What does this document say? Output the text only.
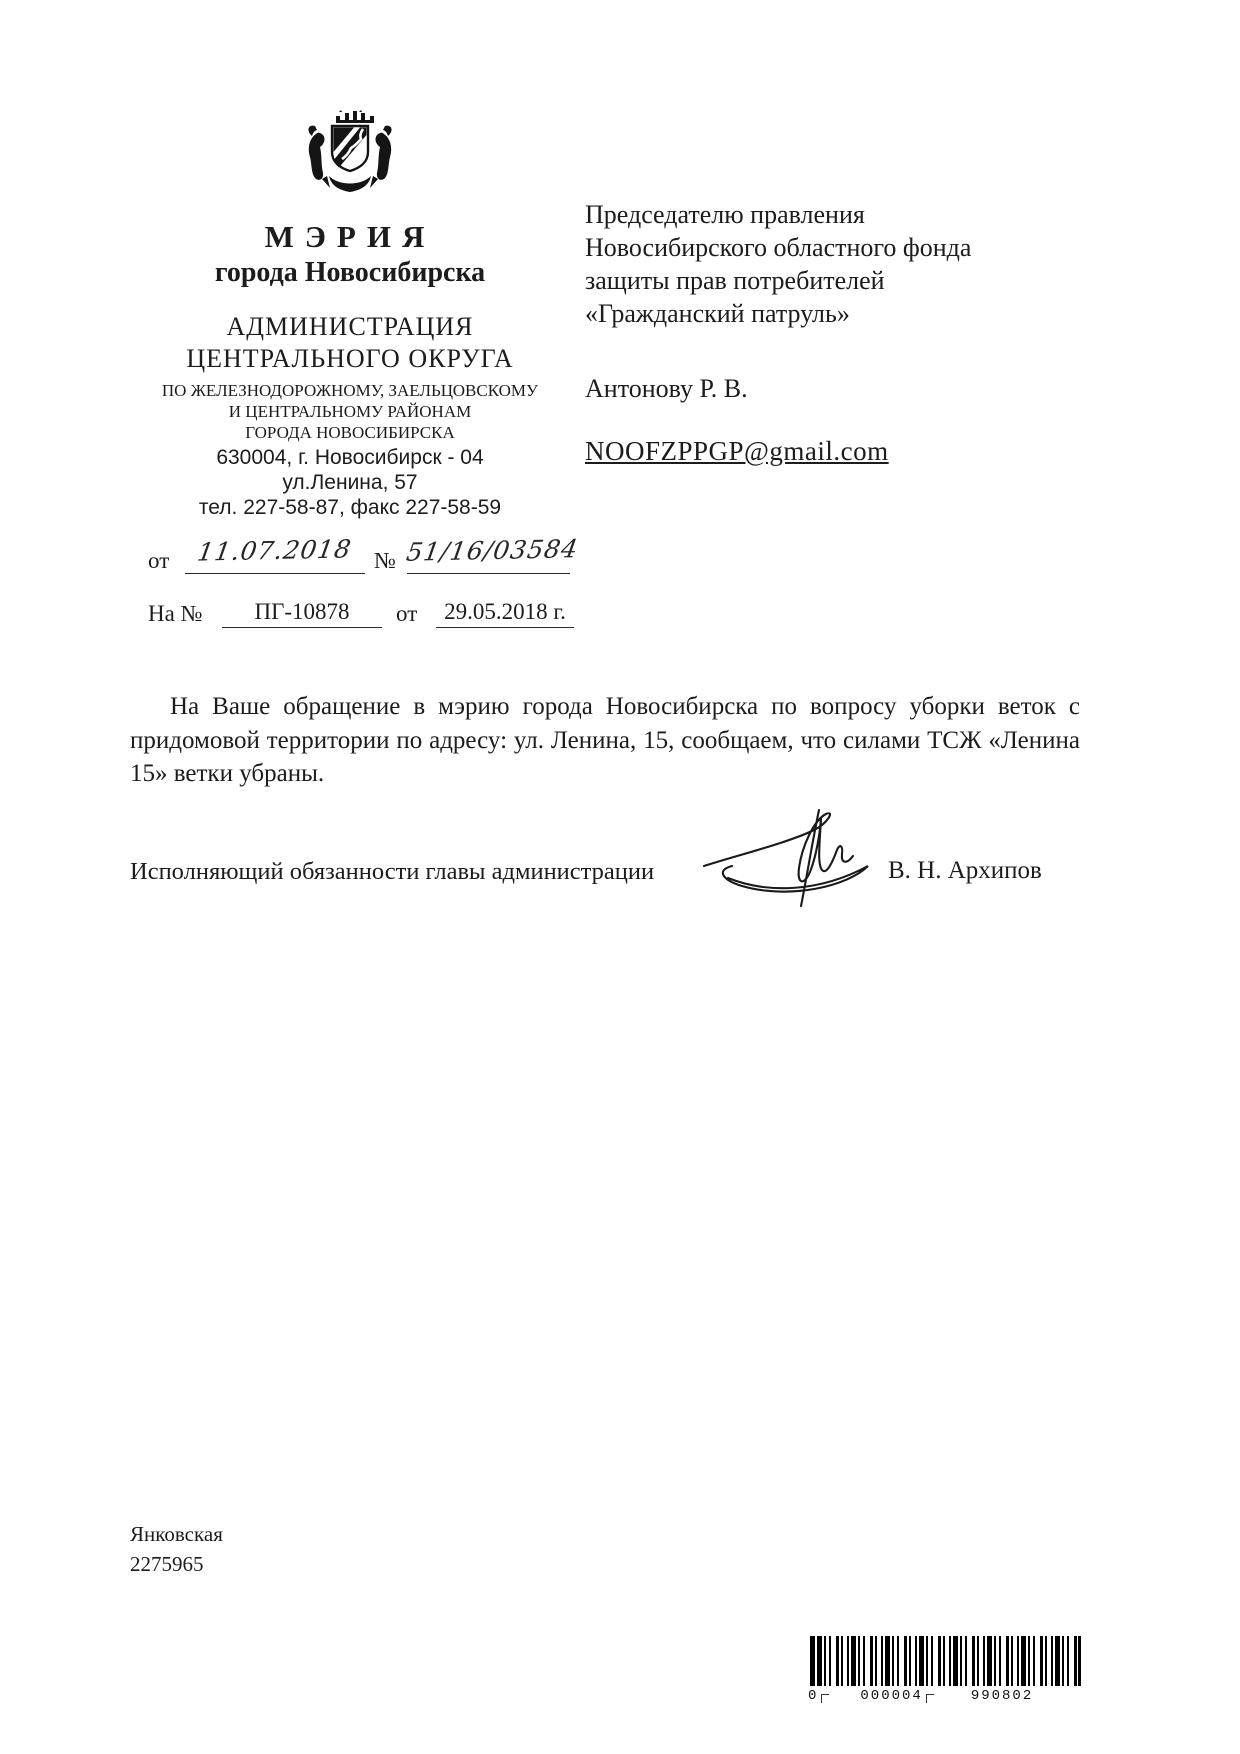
МЭРИЯ
города Новосибирска
АДМИНИСТРАЦИЯ
ЦЕНТРАЛЬНОГО ОКРУГА
ПО ЖЕЛЕЗНОДОРОЖНОМУ, ЗАЕЛЬЦОВСКОМУ
И ЦЕНТРАЛЬНОМУ РАЙОНАМ
ГОРОДА НОВОСИБИРСКА
630004, г. Новосибирск - 04
ул.Ленина, 57
тел. 227-58-87, факс 227-58-59
от	11.07.2018 № 51/16/03584
На №	ПГ-10878	от	29.05.2018 г.
Председателю правления
Новосибирского областного фонда
защиты прав потребителей
«Гражданский патруль»
Антонову Р. В.
NOOFZPPGP@gmail.com
На Ваше обращение в мэрию города Новосибирска по вопросу уборки веток с придомовой территории по адресу: ул. Ленина, 15, сообщаем, что силами ТСЖ «Ленина 15» ветки убраны.
Исполняющий обязанности главы администрации	В. Н. Архипов
Янковская
2275965
0	000004	990802
